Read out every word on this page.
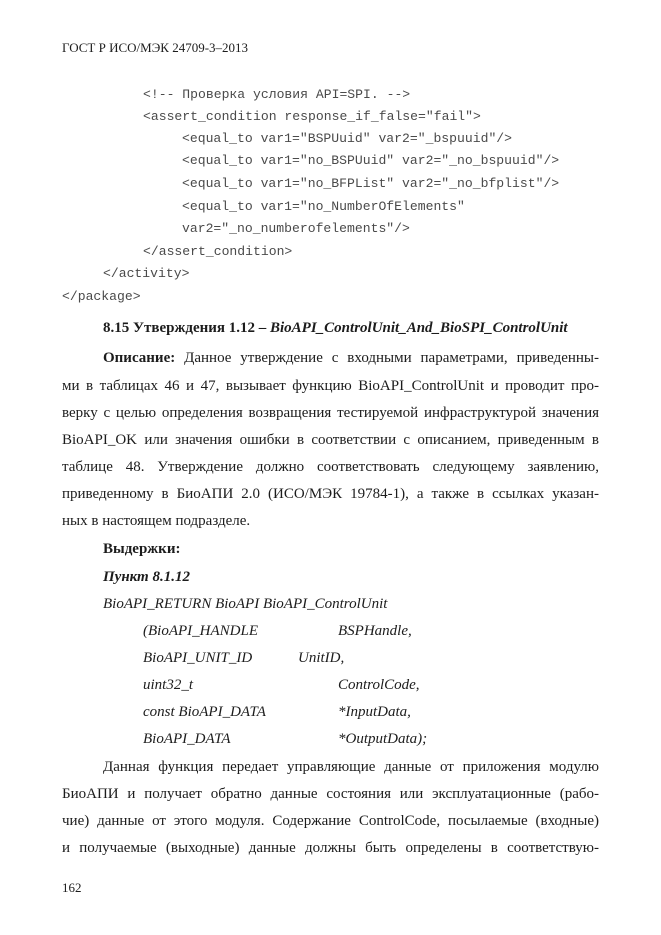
ГОСТ Р ИСО/МЭК 24709-3–2013
<!-- Проверка условия API=SPI. -->
<assert_condition response_if_false="fail">
<equal_to var1="BSPUuid" var2="_bspuuid"/>
<equal_to var1="no_BSPUuid" var2="_no_bspuuid"/>
<equal_to var1="no_BFPList" var2="_no_bfplist"/>
<equal_to var1="no_NumberOfElements"
var2="_no_numberofelements"/>
</assert_condition>
</activity>
</package>
8.15 Утверждения 1.12 – BioAPI_ControlUnit_And_BioSPI_ControlUnit
Описание: Данное утверждение с входными параметрами, приведенны-
ми в таблицах 46 и 47, вызывает функцию BioAPI_ControlUnit и проводит про-
верку с целью определения возвращения тестируемой инфраструктурой значения
BioAPI_OK или значения ошибки в соответствии с описанием, приведенным в
таблице 48. Утверждение должно соответствовать следующему заявлению,
приведенному в БиоАПИ 2.0 (ИСО/МЭК 19784-1), а также в ссылках указан-
ных в настоящем подразделе.
Выдержки:
Пункт 8.1.12
BioAPI_RETURN BioAPI BioAPI_ControlUnit
(BioAPI_HANDLE	BSPHandle,
BioAPI_UNIT_ID	UnitID,
uint32_t	ControlCode,
const BioAPI_DATA	*InputData,
BioAPI_DATA	*OutputData);
Данная функция передает управляющие данные от приложения модулю
БиоАПИ и получает обратно данные состояния или эксплуатационные (рабо-
чие) данные от этого модуля. Содержание ControlCode, посылаемые (входные)
и получаемые (выходные) данные должны быть определены в соответствую-
162
